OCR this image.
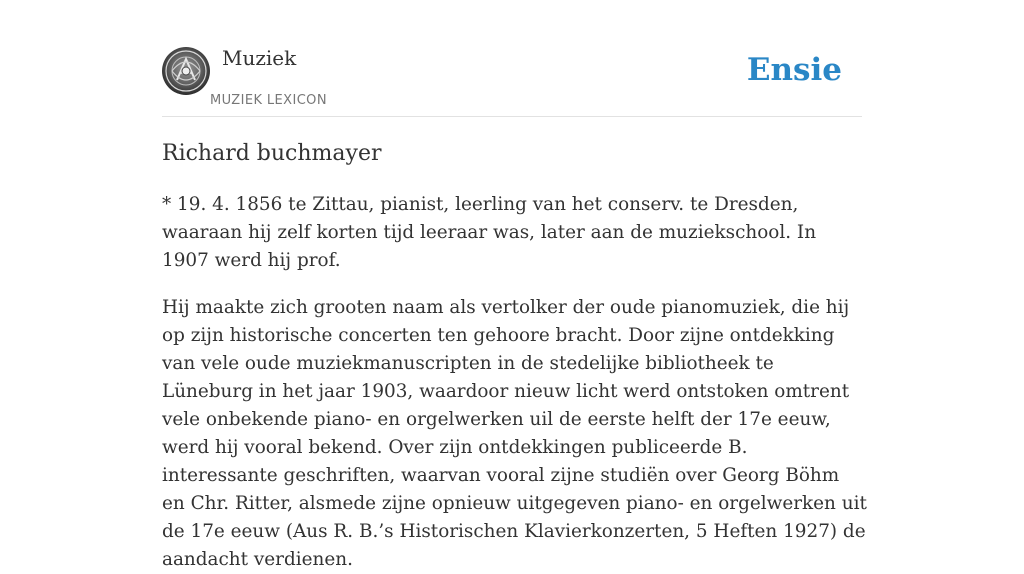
Muziek
MUZIEK LEXICON
Ensie
Richard buchmayer

* 19. 4. 1856 te Zittau, pianist, leerling van het conserv. te Dresden, waaraan hij zelf korten tijd leeraar was, later aan de muziekschool. In 1907 werd hij prof.

Hij maakte zich grooten naam als vertolker der oude pianomuziek, die hij op zijn historische concerten ten gehoore bracht. Door zijne ontdekking van vele oude muziekmanuscripten in de stedelijke bibliotheek te Lüneburg in het jaar 1903, waardoor nieuw licht werd ontstoken omtrent vele onbekende piano- en orgelwerken uil de eerste helft der 17e eeuw, werd hij vooral bekend. Over zijn ontdekkingen publiceerde B. interessante geschriften, waarvan vooral zijne studiën over Georg Böhm en Chr. Ritter, alsmede zijne opnieuw uitgegeven piano- en orgelwerken uit de 17e eeuw (Aus R. B.’s Historischen Klavierkonzerten, 5 Heften 1927) de aandacht verdienen.
